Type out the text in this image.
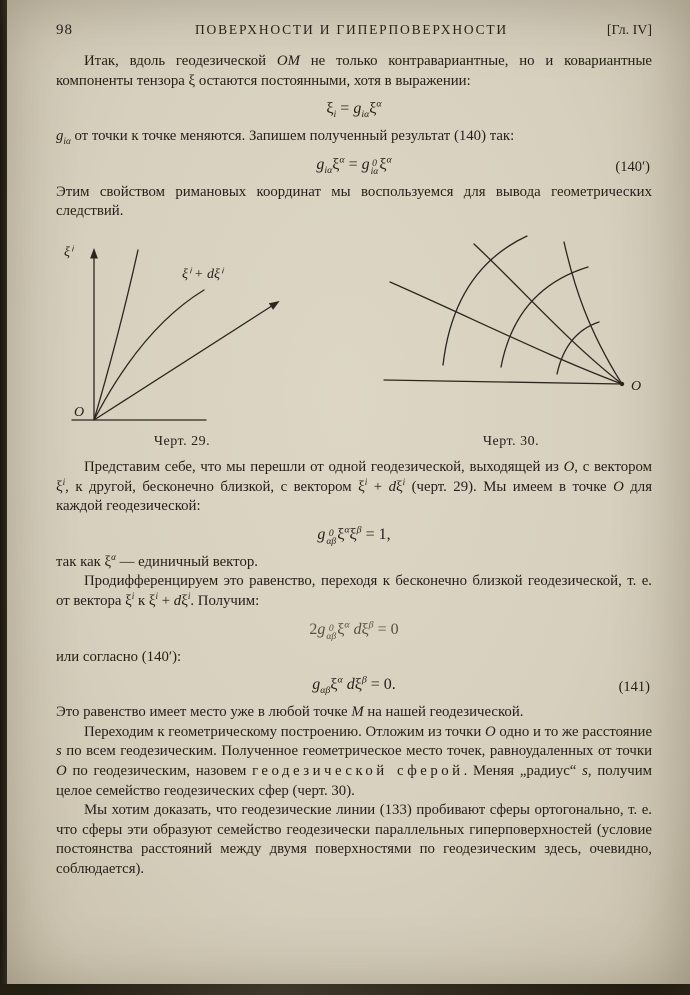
98	ПОВЕРХНОСТИ И ГИПЕРПОВЕРХНОСТИ	[Гл. IV]

Итак, вдоль геодезической ОМ не только контравариантные, но и ковариантные компоненты тензора ξ остаются постоянными, хотя в выражении:

$\xi_i = g_{i\alpha}\xi^\alpha$

$g_{i\alpha}$ от точки к точке меняются. Запишем полученный результат (140) так:

$g_{i\alpha}\xi^\alpha = g$ 0
iα $\xi^\alpha$	(140′)

Этим свойством римановых координат мы воспользуемся для вывода геометрических следствий.

ξⁱ
ξⁱ + dξⁱ
O
Черт. 29.
O
Черт. 30.

Представим себе, что мы перешли от одной геодезической, выходящей из O, с вектором $\xi^i$, к другой, бесконечно близкой, с вектором $\xi^i + d\xi^i$ (черт. 29). Мы имеем в точке O для каждой геодезической:

g 0
αβ $\xi^\alpha\xi^\beta = 1$,

так как $\xi^\alpha$ — единичный вектор.

Продифференцируем это равенство, переходя к бесконечно близкой геодезической, т. е. от вектора $\xi^i$ к $\xi^i + d\xi^i$. Получим:

2g 0
αβ $\xi^\alpha$ $d\xi^\beta = 0$

или согласно (140′):

$g_{\alpha\beta}\xi^\alpha$ $d\xi^\beta = 0$.	(141)

Это равенство имеет место уже в любой точке M на нашей геодезической.

Переходим к геометрическому построению. Отложим из точки O одно и то же расстояние s по всем геодезическим. Полученное геометрическое место точек, равноудаленных от точки O по геодезическим, назовем геодезической сферой. Меняя „радиус“ s, получим целое семейство геодезических сфер (черт. 30).

Мы хотим доказать, что геодезические линии (133) пробивают сферы ортогонально, т. е. что сферы эти образуют семейство геодезически параллельных гиперповерхностей (условие постоянства расстояний между двумя поверхностями по геодезическим здесь, очевидно, соблюдается).
